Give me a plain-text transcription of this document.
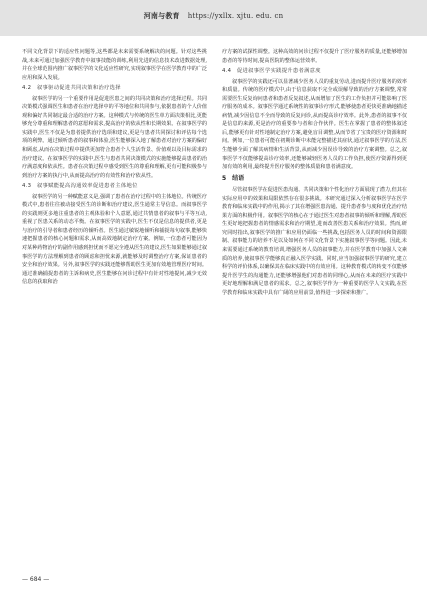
河南与教育 https://yxllx. xjtu. edu. cn

不同文化背景下的适应性问题等,这些都是未来需要系统解决的问题。针对这些挑战,未来可通过加强医学教育中叙事技能的训练,利用先进的信息技术改进数据处理,并在全球范围内推广叙事医学的文化适应性研究,实现叙事医学在医学教育中的广泛应用和深入发展。

4.2　叙事驱动促进共同决策和治疗选择

叙事医学的另一个重要作用是促进医患之间的共同决策和治疗选择过程。共同决策模式强调医生和患者在治疗选择中的平等地位和共同参与,依据患者的个人价值观和偏好共同制定最合适的治疗方案。这种模式与传统的医生单方面决策相比,更能够充分尊重和理解患者的意愿和需求,提高治疗的依从性和长期效果。在叙事医学的实践中,医生不仅是为患者提供治疗选项和建议,更是与患者共同探讨和评估每个选项的利弊。通过倾听患者的叙事和体验,医生能够深入地了解患者对治疗方案的偏好和顾虑,从而在决策过程中提供更加符合患者个人生活背景、价值观以及目标需求的治疗建议。在叙事医学的实践中,医生与患者共同决策模式的实施能够提高患者的治疗满意度和依从性。患者在决策过程中感受到医生的尊重和理解,更有可能积极参与到治疗方案的执行中,从而提高治疗的有效性和治疗依从性。

4.3　叙事赋能提高沟通效率促进患者主体地位

叙事医学的另一种赋能意义是,强调了患者在治疗过程中的主体地位。传统医疗模式中,患者往往被动接受医生的诊断和治疗建议,医生通常主导信息。而叙事医学的实践则更多地注重患者的主观体验和个人意愿,通过共情患者的叙事与平等互动,重视了医患关系的动态平衡。在叙事医学的实践中,医生不仅是信息的提供者,更是与治疗的引导者和患者经历的倾听者。医生通过敏锐地倾听和捕捉每句叙事,能够快速把握患者的核心问题和需求,从而高效地制定治疗方案。例如,一位患者可能因为对某种药物治疗的副作用感到担忧而不愿完全遵从医生的建议,医生如果能够通过叙事医学的方法理解到患者的顾虑和担忧来源,就能够及时调整治疗方案,保证患者的安全和治疗效果。另外,叙事医学的实践还能够帮助医生更加有效地管理医疗时间。通过准确捕捉患者的主诉和病史,医生能够在问诊过程中有针对性地提问,减少无效信息的获取和治

疗方案的试探性调整。这种高效的问诊过程不仅提升了医疗服务的质量,还能够增加患者的等待时间,提高医院的整体运营效率。

4.4　促进叙事医学实践提升患者满意度

叙事医学的实践还可以显著减少医务人员的重复劳动,进而提升医疗服务的效率和质量。传统的医疗模式中,由于信息获取不完全或误解导致的治疗方案调整,常常需要医生反复询问患者和患者反复叙述,从而增加了医生的工作负担并可能影响了医疗服务的成本。叙事医学通过系统性的叙事诊疗形式,能够使患者更快更准确地描述病情,减少因信息不全而导致的反复问诊,从而提高诊疗效率。此外,患者的叙事不仅是信息的来源,更是治疗的重要参与者和合作伙伴。医生在掌握了患者的整体叙述后,能够更有针对性地制定治疗方案,避免盲目调整,从而节省了宝贵的医疗资源和时间。例如,一位患者可能在初期诊断中未能完整描述其症状,通过叙事医学的方法,医生能够全面了解其病情和生活背景,从而减少因误诊导致的治疗方案调整。总之,叙事医学不仅能够提高诊疗效率,还能够减轻医务人员的工作负担,使医疗资源得到更加有效的利用,最终提升医疗服务的整体质量和患者满意度。

5　结语

尽管叙事医学在促进医患沟通、共同决策和个性化治疗方面展现了潜力,但其在实际应用中的效果和局限依然存在很多挑战。本研究通过深入分析叙事医学在医学教育和临床实践中的作用,揭示了其在增强医患沟通、提升患者参与度和优化治疗结果方面的积极作用。叙事医学的核心在于通过医生对患者叙事的倾听和理解,帮助医生更好地把握患者的情感需求和治疗期望,进而改善医患关系和治疗效果。然而,研究同时指出,叙事医学的推广和应用仍面临一些挑战,包括医务人员的时间和资源限制、叙事能力的培养不足以及如何在不同文化背景下实施叙事医学等问题。因此,未来需要通过系统的教育培训,增强医务人员的叙事能力,并在医学教育中加强人文素质的培养,使叙事医学能够真正融入医学实践。同时,应当加强叙事医学的研究,建立科学的评价体系,以确保其在临床实践中的有效应用。这种教育模式的转变不仅能够提升医学生的沟通能力,还能够增强他们对患者的同理心,从而在未来的医疗实践中更好地理解和满足患者的需求。总之,叙事医学作为一种重要的医学人文实践,在医学教育和临床实践中具有广阔的应用前景,值得进一步探索和推广。

— 684 —
